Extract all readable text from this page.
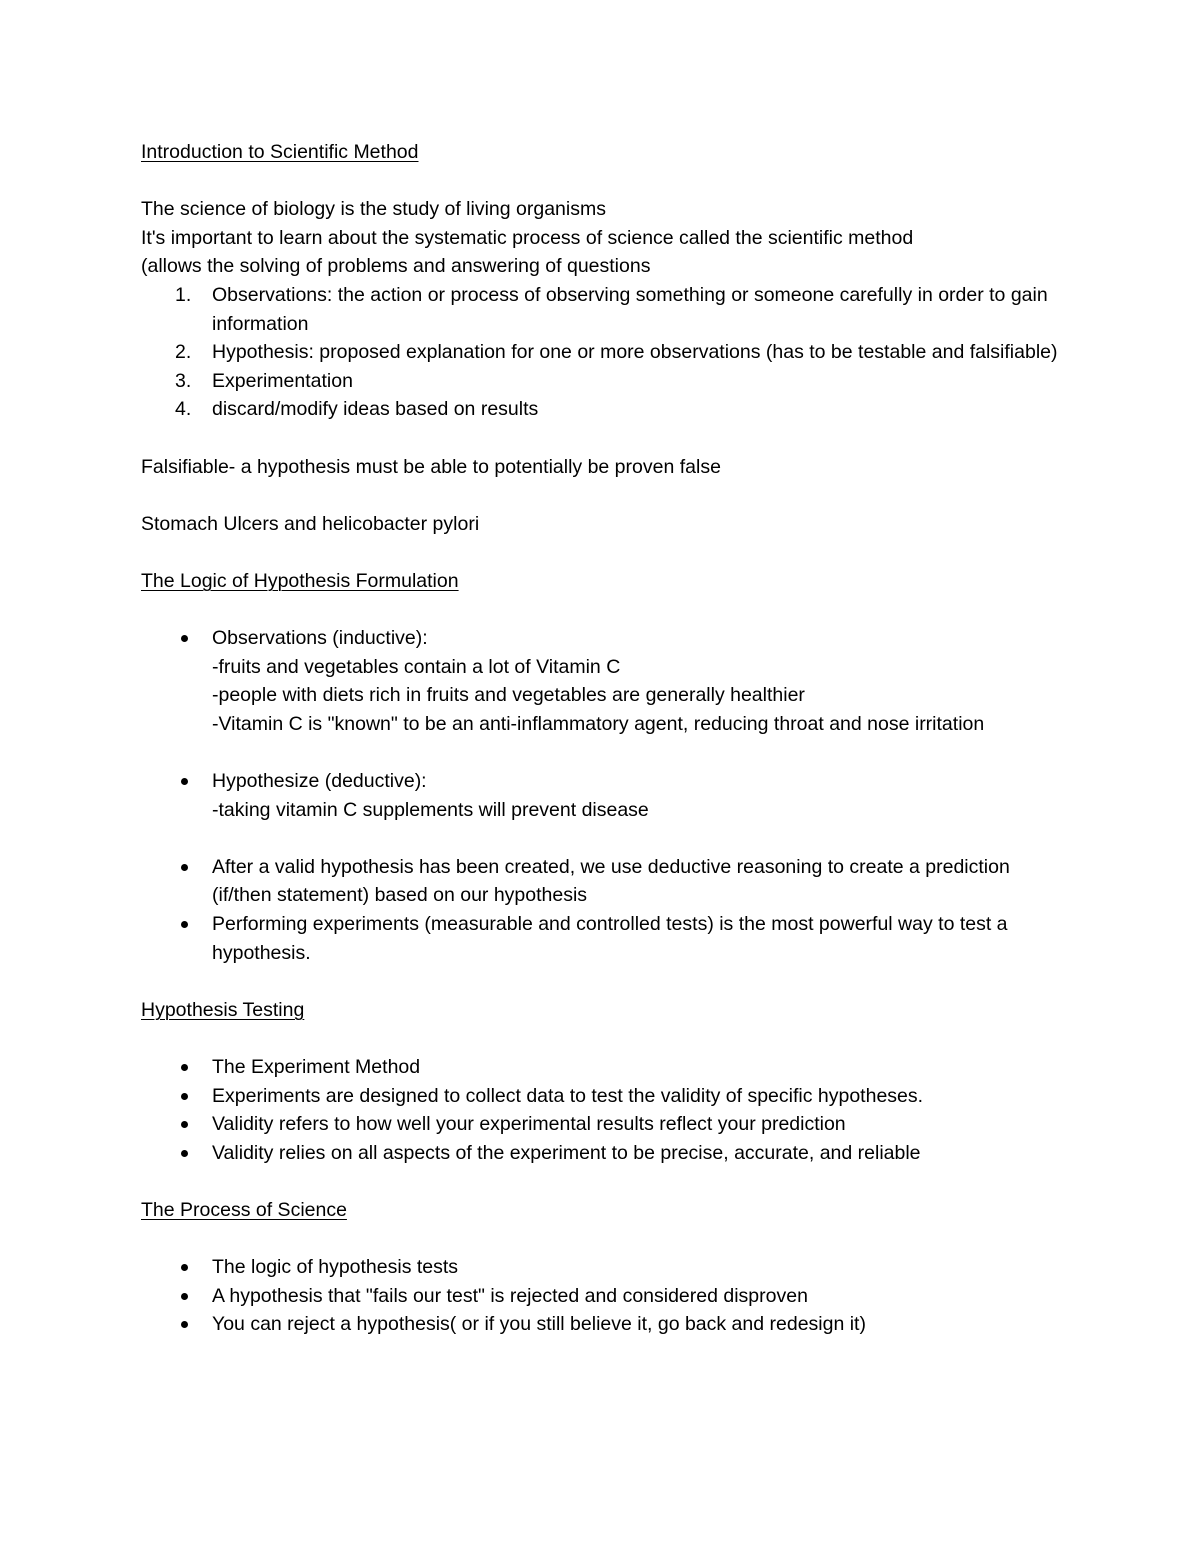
Introduction to Scientific Method
The science of biology is the study of living organisms
It's important to learn about the systematic process of science called the scientific method
(allows the solving of problems and answering of questions
1. Observations: the action or process of observing something or someone carefully in order to gain information
2. Hypothesis: proposed explanation for one or more observations (has to be testable and falsifiable)
3. Experimentation
4. discard/modify ideas based on results
Falsifiable- a hypothesis must be able to potentially be proven false
Stomach Ulcers and helicobacter pylori
The Logic of Hypothesis Formulation
Observations (inductive):
-fruits and vegetables contain a lot of Vitamin C
-people with diets rich in fruits and vegetables are generally healthier
-Vitamin C is "known" to be an anti-inflammatory agent, reducing throat and nose irritation
Hypothesize (deductive):
-taking vitamin C supplements will prevent disease
After a valid hypothesis has been created, we use deductive reasoning to create a prediction (if/then statement) based on our hypothesis
Performing experiments (measurable and controlled tests) is the most powerful way to test a hypothesis.
Hypothesis Testing
The Experiment Method
Experiments are designed to collect data to test the validity of specific hypotheses.
Validity refers to how well your experimental results reflect your prediction
Validity relies on all aspects of the experiment to be precise, accurate, and reliable
The Process of Science
The logic of hypothesis tests
A hypothesis that "fails our test" is rejected and considered disproven
You can reject a hypothesis( or if you still believe it, go back and redesign it)
